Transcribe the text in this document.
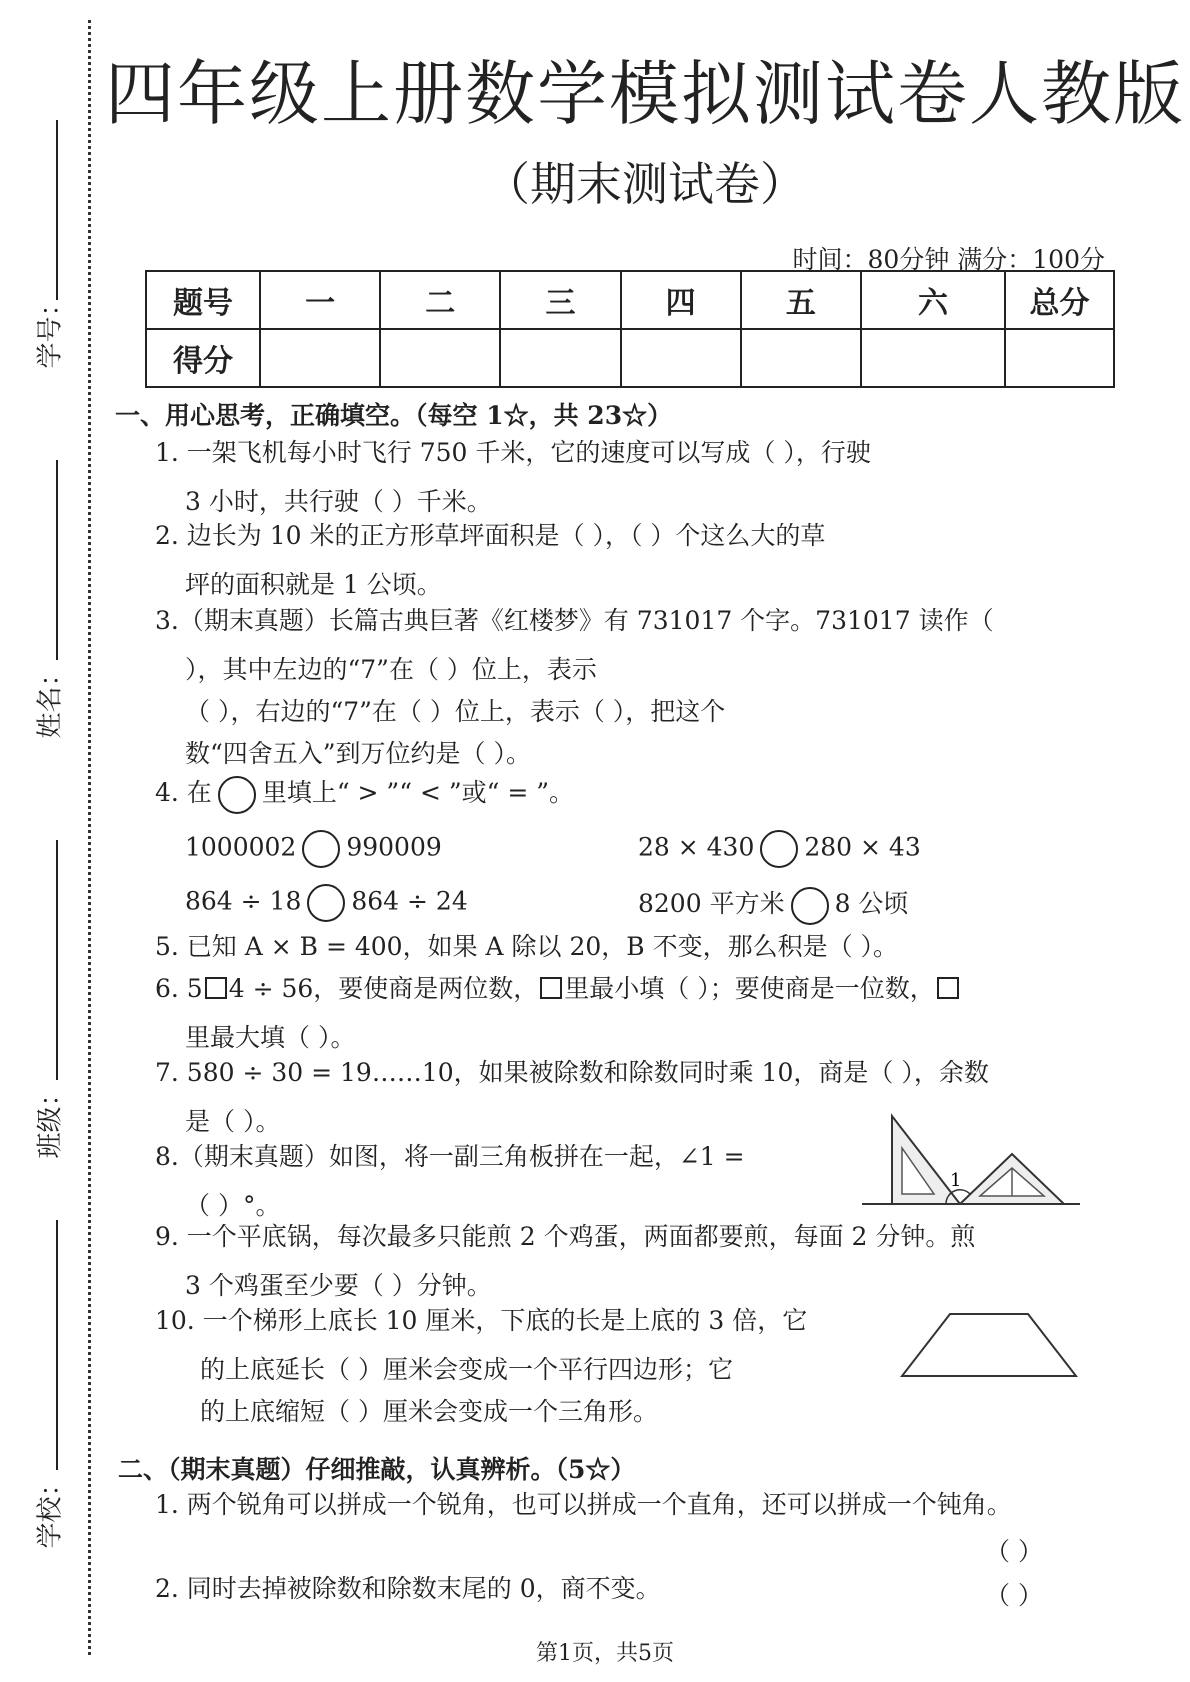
学号：
姓名：
班级：
学校：
四年级上册数学模拟测试卷人教版
（期末测试卷）
时间：80分钟 满分：100分
题号	一	二	三	四	五	六	总分
得分							
一、用心思考，正确填空。（每空 1☆，共 23☆）
1. 一架飞机每小时飞行 750 千米，它的速度可以写成（ ），行驶
3 小时，共行驶（ ）千米。
2. 边长为 10 米的正方形草坪面积是（ ），（ ）个这么大的草
坪的面积就是 1 公顷。
3.（期末真题）长篇古典巨著《红楼梦》有 731017 个字。731017 读作（
），其中左边的“7”在（ ）位上，表示
（ ），右边的“7”在（ ）位上，表示（ ），把这个
数“四舍五入”到万位约是（ ）。
4. 在 里填上“ > ”“ < ”或“ = ”。
1000002 990009	28 × 430 280 × 43
864 ÷ 18 864 ÷ 24	8200 平方米 8 公顷
5. 已知 A × B = 400，如果 A 除以 20，B 不变，那么积是（ ）。
6. 5 4 ÷ 56，要使商是两位数， 里最小填（ ）；要使商是一位数，
里最大填（ ）。
7. 580 ÷ 30 = 19……10，如果被除数和除数同时乘 10，商是（ ），余数
是（ ）。
8.（期末真题）如图，将一副三角板拼在一起，∠1 =
（ ）°。
1
9. 一个平底锅，每次最多只能煎 2 个鸡蛋，两面都要煎，每面 2 分钟。煎
3 个鸡蛋至少要（ ）分钟。
10. 一个梯形上底长 10 厘米，下底的长是上底的 3 倍，它
的上底延长（ ）厘米会变成一个平行四边形；它
的上底缩短（ ）厘米会变成一个三角形。
二、（期末真题）仔细推敲，认真辨析。（5☆）
1. 两个锐角可以拼成一个锐角，也可以拼成一个直角，还可以拼成一个钝角。
（ ）
2. 同时去掉被除数和除数末尾的 0，商不变。	（ ）
第1页，共5页
